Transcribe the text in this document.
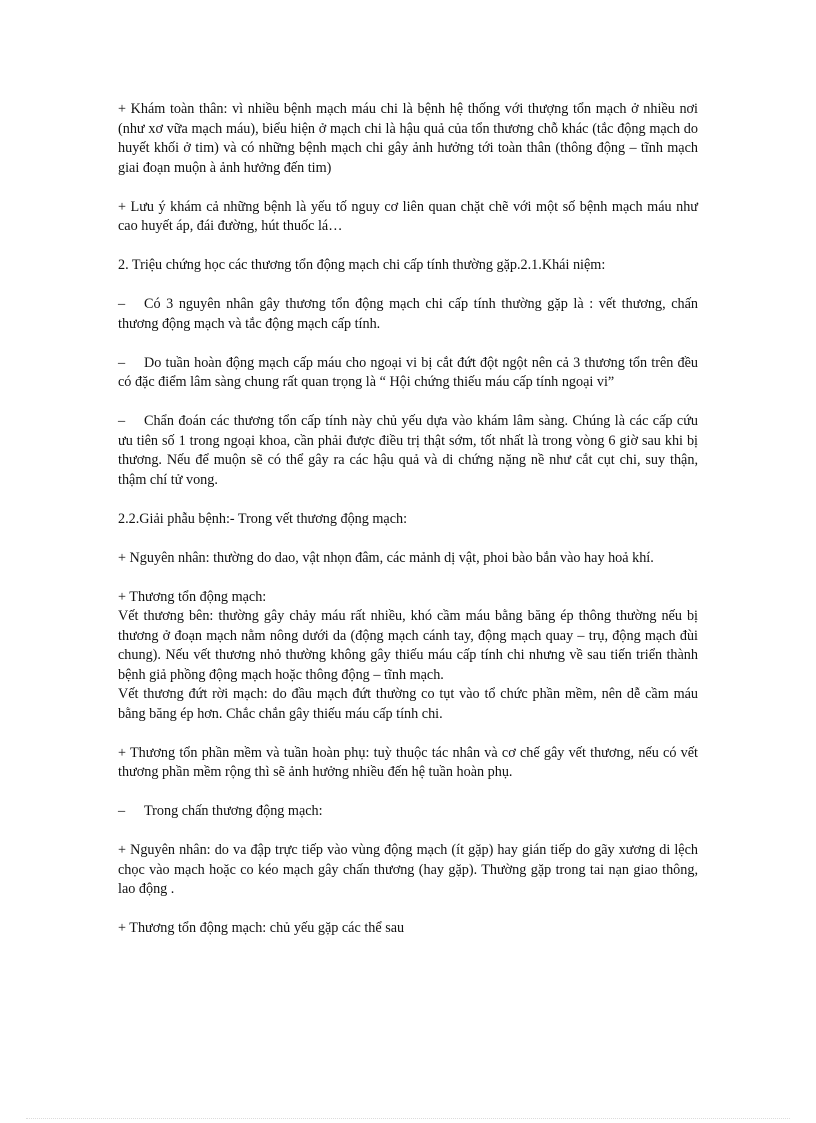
+ Khám toàn thân: vì nhiều bệnh mạch máu chi là bệnh hệ thống với thượng tổn mạch ở nhiều nơi (như xơ vữa mạch máu), biểu hiện ở mạch chi là hậu quả của tổn thương chỗ khác (tắc động mạch do huyết khối ở tim) và có những bệnh mạch chi gây ảnh hưởng tới toàn thân (thông động – tĩnh mạch giai đoạn muộn à ảnh hưởng đến tim)

+ Lưu ý khám cả những bệnh là yếu tố nguy cơ liên quan chặt chẽ với một số bệnh mạch máu như cao huyết áp, đái đường, hút thuốc lá…

2. Triệu chứng học các thương tổn động mạch chi cấp tính thường gặp.2.1.Khái niệm:

– Có 3 nguyên nhân gây thương tổn động mạch chi cấp tính thường gặp là : vết thương, chấn thương động mạch và tắc động mạch cấp tính.

– Do tuần hoàn động mạch cấp máu cho ngoại vi bị cắt đứt đột ngột nên cả 3 thương tổn trên đều có đặc điểm lâm sàng chung rất quan trọng là “ Hội chứng thiếu máu cấp tính ngoại vi”

– Chẩn đoán các thương tổn cấp tính này chủ yếu dựa vào khám lâm sàng. Chúng là các cấp cứu ưu tiên số 1 trong ngoại khoa, cần phải được điều trị thật sớm, tốt nhất là trong vòng 6 giờ sau khi bị thương. Nếu để muộn sẽ có thể gây ra các hậu quả và di chứng nặng nề như cắt cụt chi, suy thận, thậm chí tử vong.

2.2.Giải phẫu bệnh:- Trong vết thương động mạch:

+ Nguyên nhân: thường do dao, vật nhọn đâm, các mảnh dị vật, phoi bào bắn vào hay hoả khí.

+ Thương tổn động mạch:

Vết thương bên: thường gây chảy máu rất nhiều, khó cầm máu bằng băng ép thông thường nếu bị thương ở đoạn mạch nằm nông dưới da (động mạch cánh tay, động mạch quay – trụ, động mạch đùi chung). Nếu vết thương nhỏ thường không gây thiếu máu cấp tính chi nhưng về sau tiến triển thành bệnh giả phồng động mạch hoặc thông động – tĩnh mạch.

Vết thương đứt rời mạch: do đầu mạch đứt thường co tụt vào tổ chức phần mềm, nên dễ cầm máu bằng băng ép hơn. Chắc chắn gây thiếu máu cấp tính chi.

+ Thương tổn phần mềm và tuần hoàn phụ: tuỳ thuộc tác nhân và cơ chế gây vết thương, nếu có vết thương phần mềm rộng thì sẽ ảnh hưởng nhiều đến hệ tuần hoàn phụ.

– Trong chấn thương động mạch:

+ Nguyên nhân: do va đập trực tiếp vào vùng động mạch (ít gặp) hay gián tiếp do gãy xương di lệch chọc vào mạch hoặc co kéo mạch gây chấn thương (hay gặp). Thường gặp trong tai nạn giao thông, lao động .

+ Thương tổn động mạch: chủ yếu gặp các thể sau
